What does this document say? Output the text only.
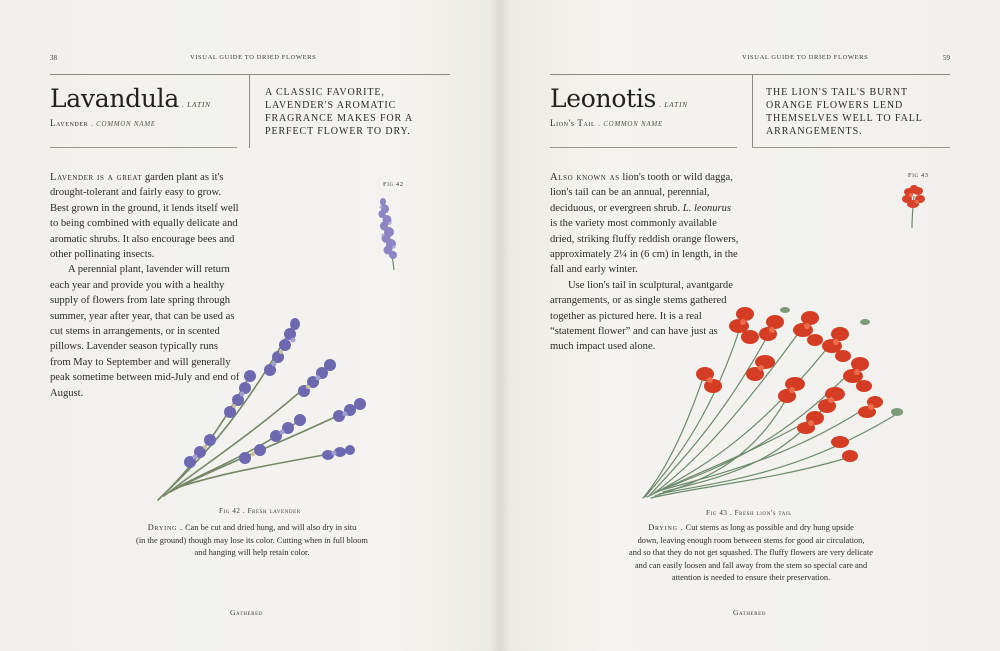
38	VISUAL GUIDE TO DRIED FLOWERS
Lavandula . LATIN
Lavender . COMMON NAME
A CLASSIC FAVORITE, LAVENDER'S AROMATIC FRAGRANCE MAKES FOR A PERFECT FLOWER TO DRY.

Lavender is a great garden plant as it's drought-tolerant and fairly easy to grow. Best grown in the ground, it lends itself well to being combined with equally delicate and aromatic shrubs. It also encourage bees and other pollinating insects.

A perennial plant, lavender will return each year and provide you with a healthy supply of flowers from late spring through summer, year after year, that can be used as cut stems in arrangements, or in scented pillows. Lavender season typically runs from May to September and will generally peak sometime between mid-July and end of August.

Fig 42
Fig 42 . Fresh lavender
Drying . Can be cut and dried hung, and will also dry in situ
(in the ground) though may lose its color. Cutting when in full bloom
and hanging will help retain color.
Gathered
VISUAL GUIDE TO DRIED FLOWERS	59
Leonotis . LATIN
Lion's Tail . COMMON NAME
THE LION'S TAIL'S BURNT ORANGE FLOWERS LEND THEMSELVES WELL TO FALL ARRANGEMENTS.

Also known as lion's tooth or wild dagga, lion's tail can be an annual, perennial, deciduous, or evergreen shrub. L. leonurus is the variety most commonly available dried, striking fluffy reddish orange flowers, approximately 2¼ in (6 cm) in length, in the fall and early winter.

Use lion's tail in sculptural, avantgarde arrangements, or as single stems gathered together as pictured here. It is a real “statement flower” and can have just as much impact used alone.

Fig 43
Fig 43 . Fresh lion's tail
Drying . Cut stems as long as possible and dry hung upside
down, leaving enough room between stems for good air circulation,
and so that they do not get squashed. The fluffy flowers are very delicate
and can easily loosen and fall away from the stem so special care and
attention is needed to ensure their preservation.
Gathered
